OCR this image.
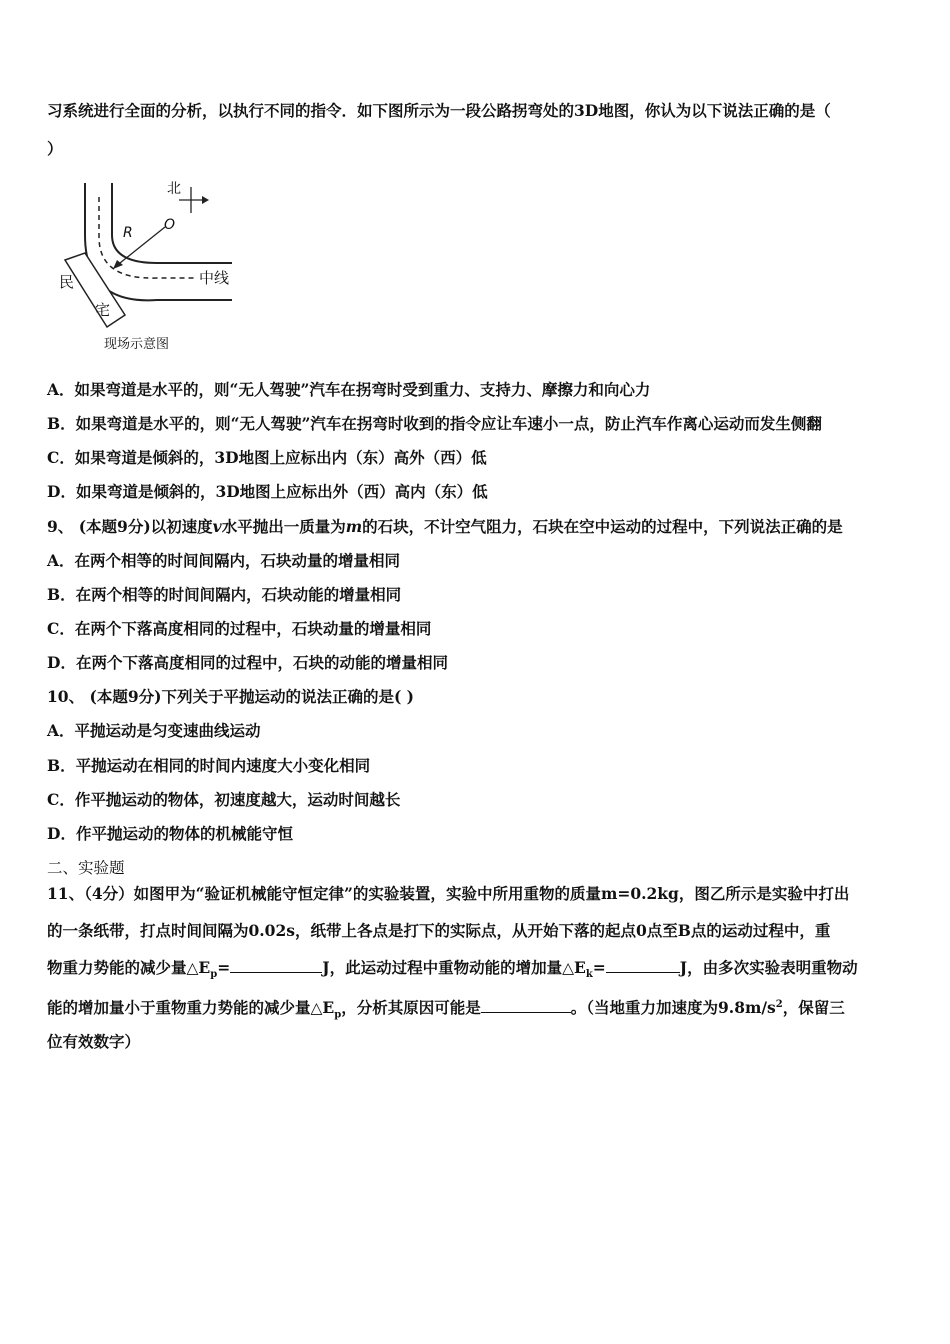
习系统进行全面的分析，以执行不同的指令．如下图所示为一段公路拐弯处的3D地图，你认为以下说法正确的是（
）
北
R O
中线
民
宅
现场示意图
A．如果弯道是水平的，则“无人驾驶”汽车在拐弯时受到重力、支持力、摩擦力和向心力
B．如果弯道是水平的，则“无人驾驶”汽车在拐弯时收到的指令应让车速小一点，防止汽车作离心运动而发生侧翻
C．如果弯道是倾斜的，3D地图上应标出内（东）高外（西）低
D．如果弯道是倾斜的，3D地图上应标出外（西）高内（东）低
9、 (本题9分)以初速度v水平抛出一质量为m的石块，不计空气阻力，石块在空中运动的过程中，下列说法正确的是
A．在两个相等的时间间隔内，石块动量的增量相同
B．在两个相等的时间间隔内，石块动能的增量相同
C．在两个下落高度相同的过程中，石块动量的增量相同
D．在两个下落高度相同的过程中，石块的动能的增量相同
10、 (本题9分)下列关于平抛运动的说法正确的是( )
A．平抛运动是匀变速曲线运动
B．平抛运动在相同的时间内速度大小变化相同
C．作平抛运动的物体，初速度越大，运动时间越长
D．作平抛运动的物体的机械能守恒
二、实验题
11、（4分）如图甲为“验证机械能守恒定律”的实验装置，实验中所用重物的质量m=0.2kg，图乙所示是实验中打出
的一条纸带，打点时间间隔为0.02s，纸带上各点是打下的实际点，从开始下落的起点0点至B点的运动过程中，重
物重力势能的减少量$\triangle E_p=$	J，此运动过程中重物动能的增加量$\triangle E_k=$	J，由多次实验表明重物动
能的增加量小于重物重力势能的减少量$\triangle E_p$，分析其原因可能是	。（当地重力加速度为$9.8m/s^2$，保留三
位有效数字）
